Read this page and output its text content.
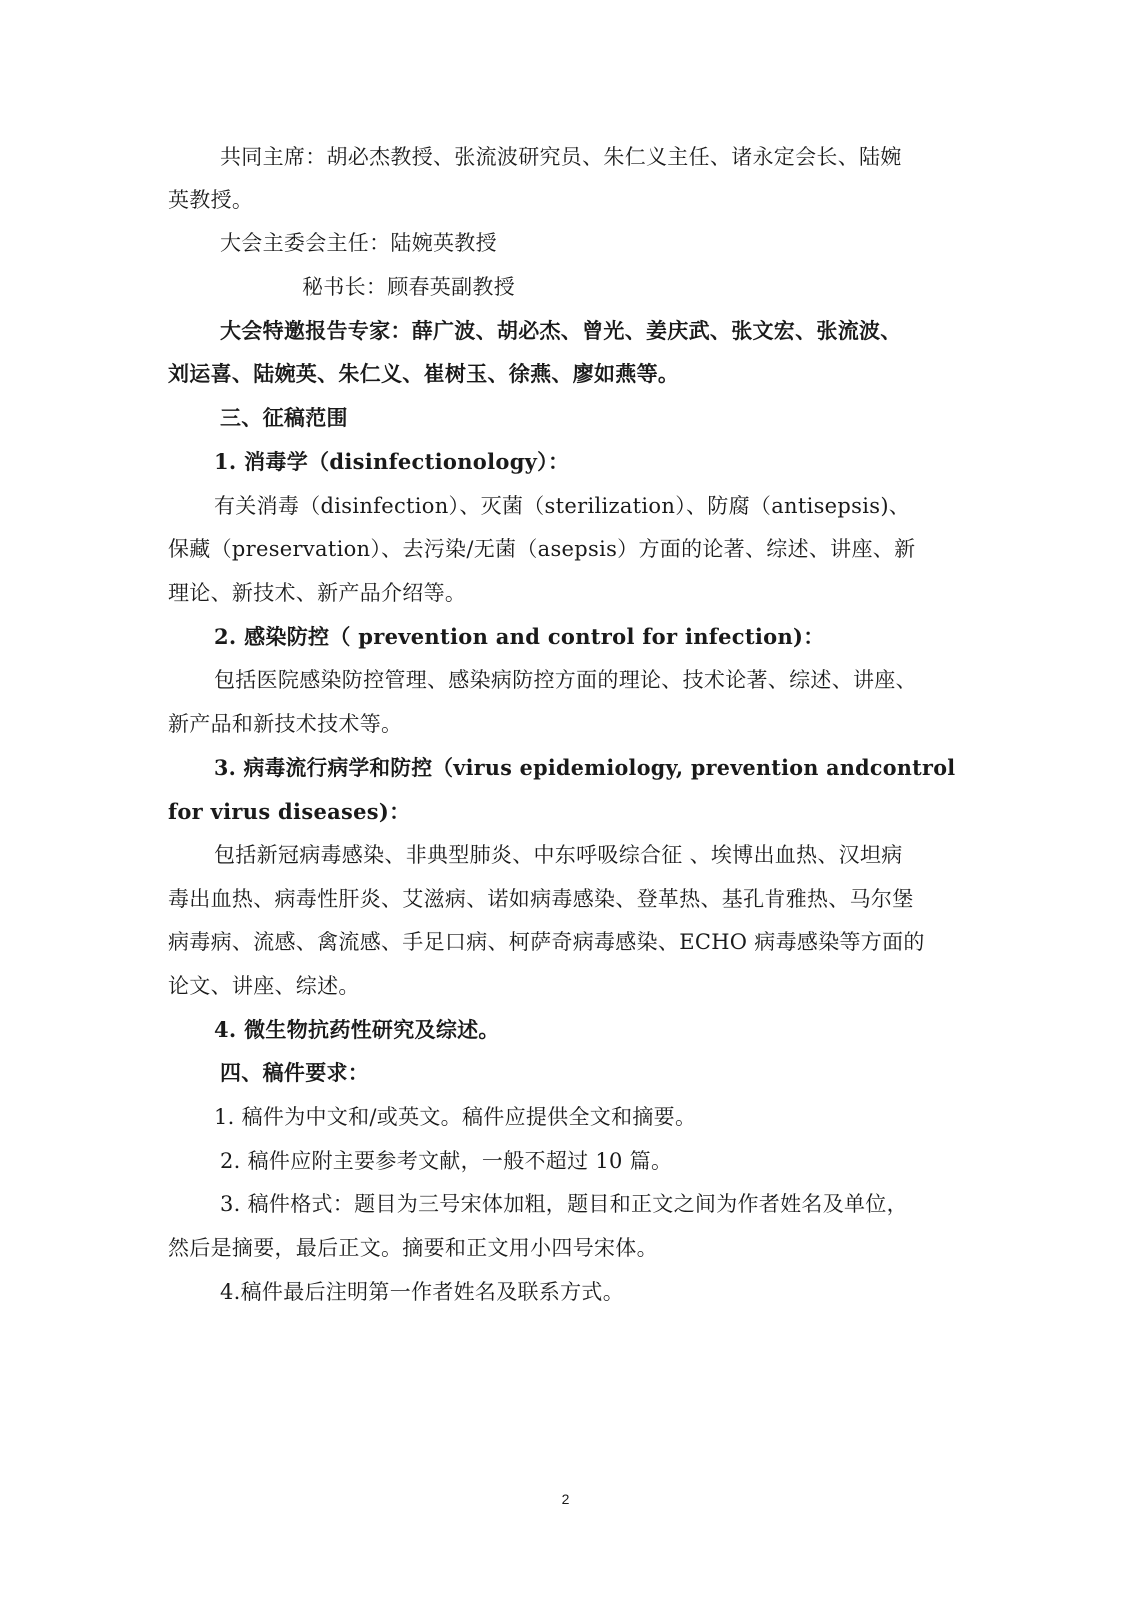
共同主席：胡必杰教授、张流波研究员、朱仁义主任、诸永定会长、陆婉
英教授。
大会主委会主任：陆婉英教授
秘书长：顾春英副教授
大会特邀报告专家：薛广波、胡必杰、曾光、姜庆武、张文宏、张流波、
刘运喜、陆婉英、朱仁义、崔树玉、徐燕、廖如燕等。
三、征稿范围
1. 消毒学（disinfectionology）：
有关消毒（disinfection）、灭菌（sterilization）、防腐（antisepsis)、
保藏（preservation）、去污染/无菌（asepsis）方面的论著、综述、讲座、新
理论、新技术、新产品介绍等。
2. 感染防控（ prevention and control for infection)：
包括医院感染防控管理、感染病防控方面的理论、技术论著、综述、讲座、
新产品和新技术技术等。
3. 病毒流行病学和防控（virus epidemiology, prevention andcontrol
for virus diseases)：
包括新冠病毒感染、非典型肺炎、中东呼吸综合征 、埃博出血热、汉坦病
毒出血热、病毒性肝炎、艾滋病、诺如病毒感染、登革热、基孔肯雅热、马尔堡
病毒病、流感、禽流感、手足口病、柯萨奇病毒感染、ECHO 病毒感染等方面的
论文、讲座、综述。
4. 微生物抗药性研究及综述。
四、稿件要求：
1. 稿件为中文和/或英文。稿件应提供全文和摘要。
2. 稿件应附主要参考文献，一般不超过 10 篇。
3. 稿件格式：题目为三号宋体加粗，题目和正文之间为作者姓名及单位，
然后是摘要，最后正文。摘要和正文用小四号宋体。
4.稿件最后注明第一作者姓名及联系方式。
2
